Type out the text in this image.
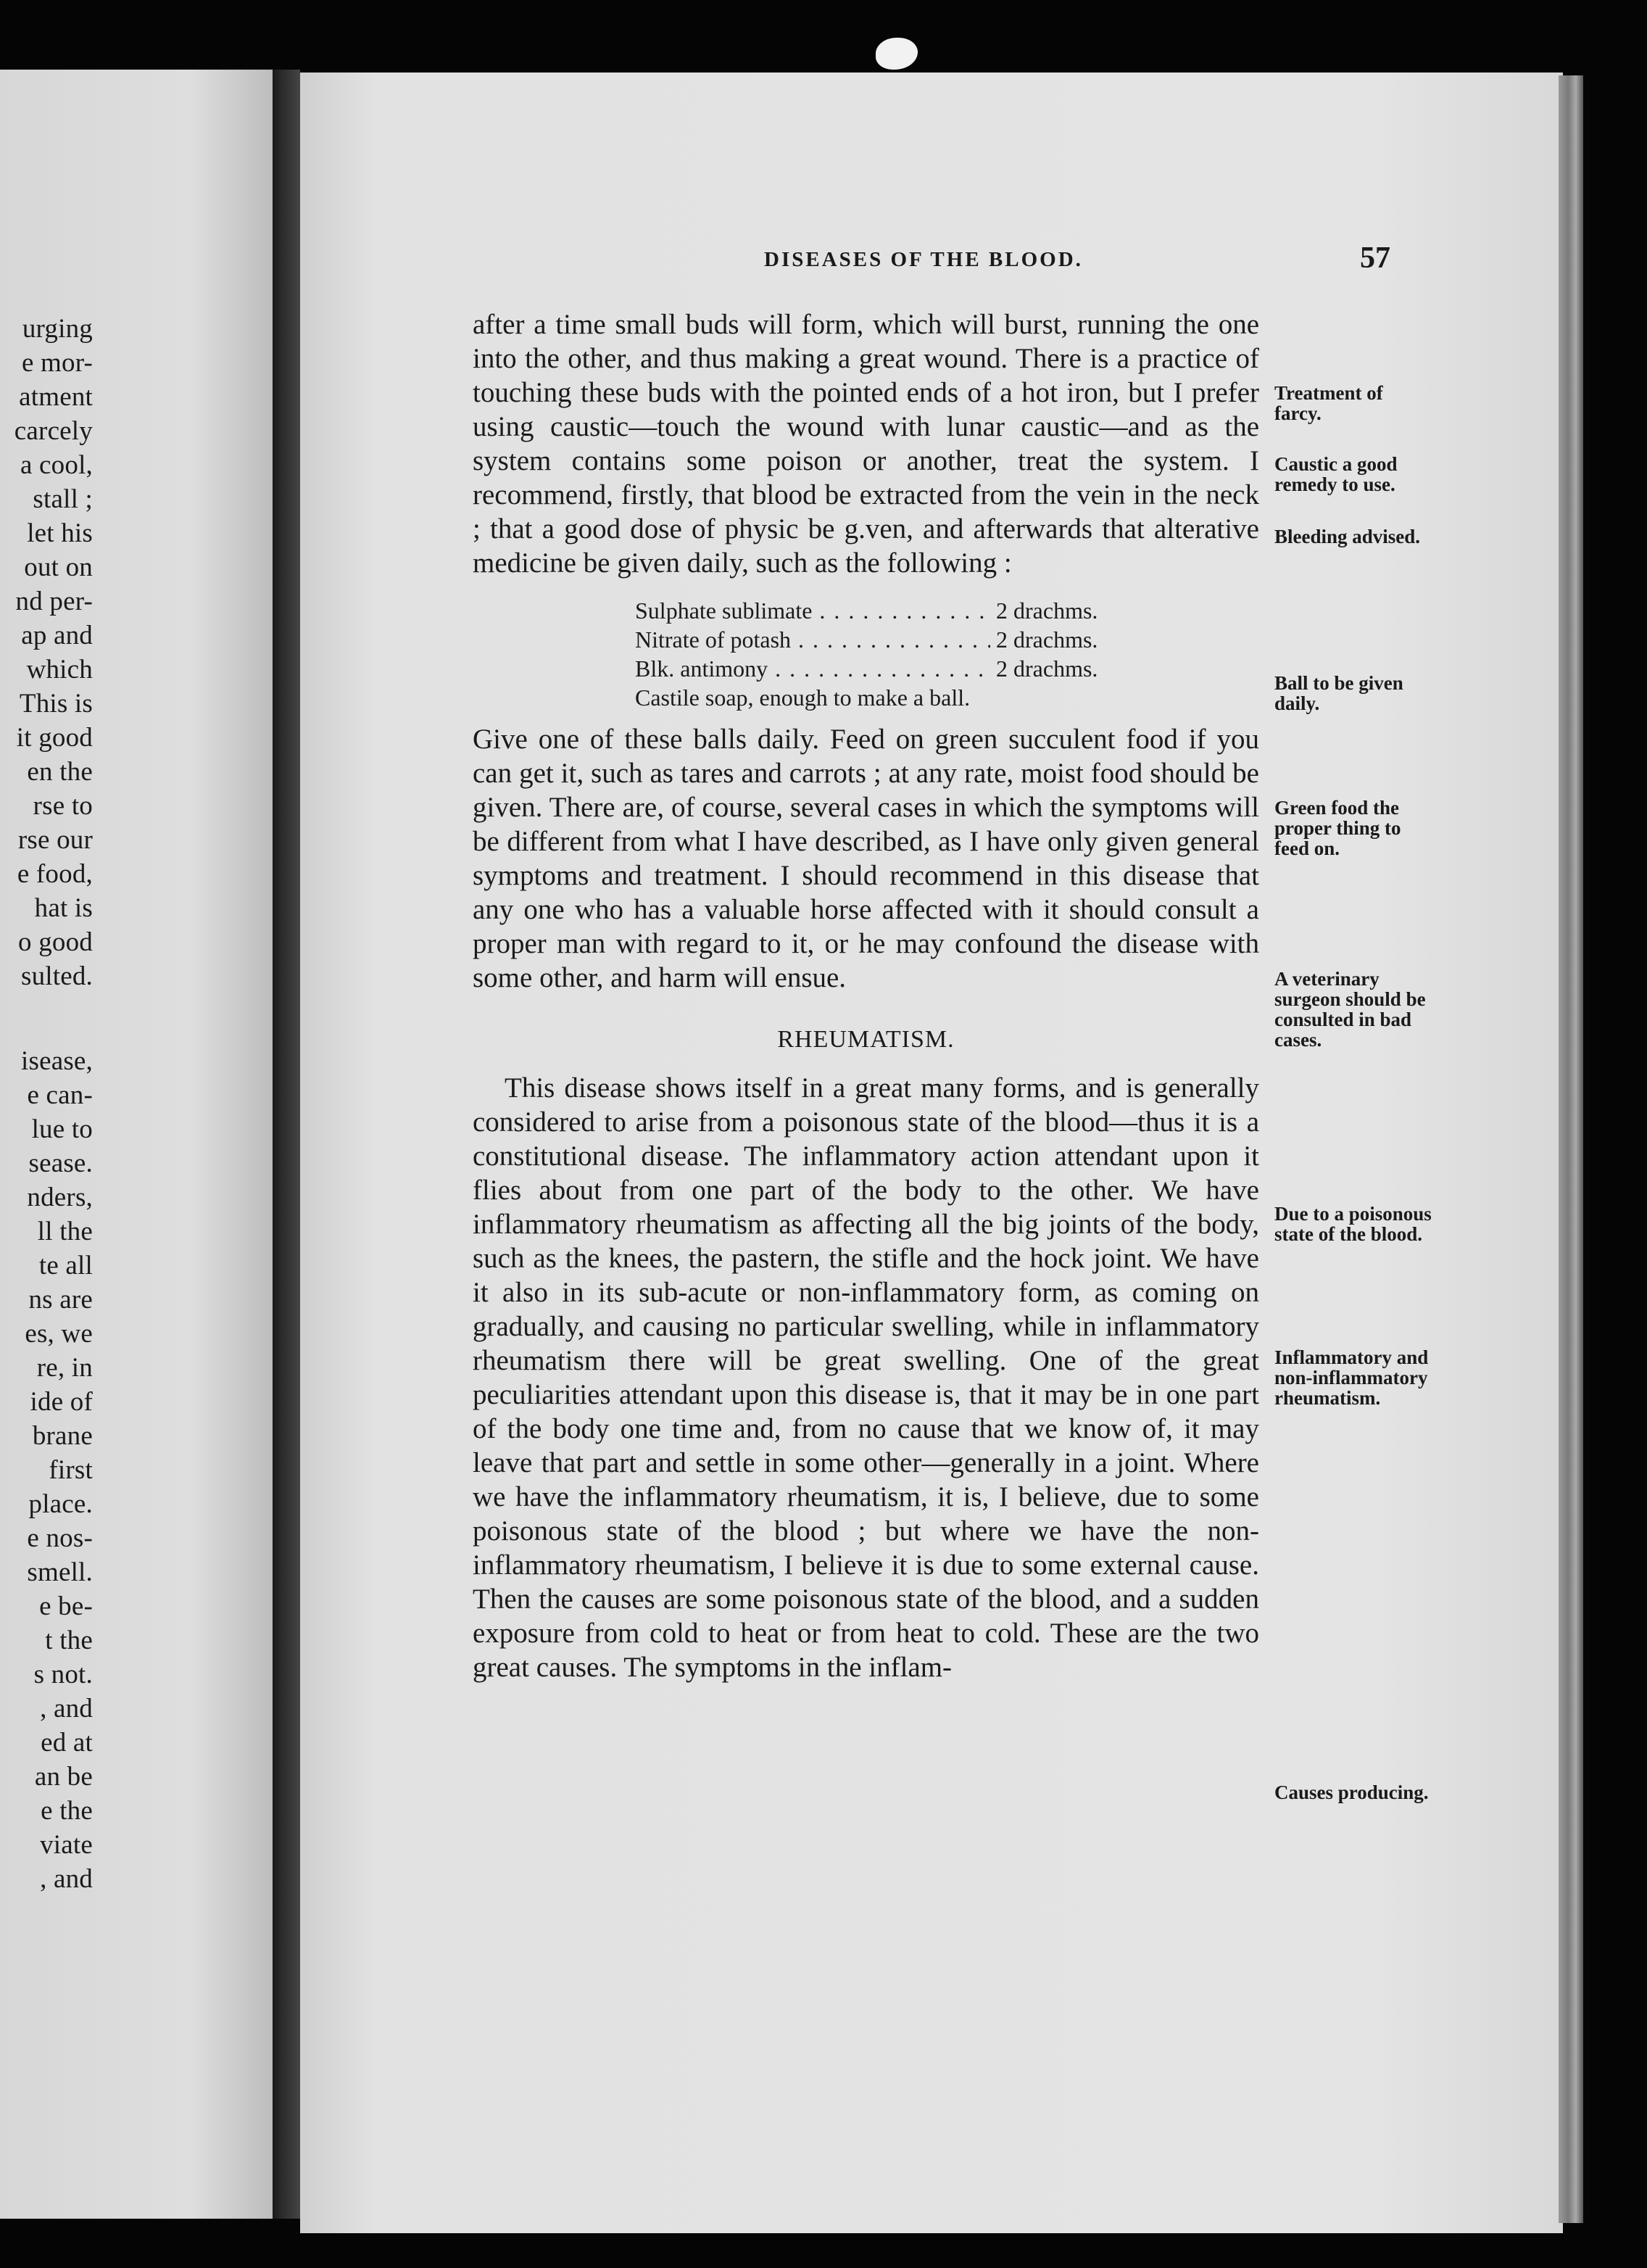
urging
e mor-
atment
carcely
a cool,
stall ;
let his
out on
nd per-
ap and
which
This is
it good
en the
rse to
rse our
e food,
hat is
o good
sulted.
isease,
e can-
lue to
sease.
nders,
ll the
te all
ns are
es, we
re, in
ide of
brane
first
place.
e nos-
smell.
e be-
t the
s not.
, and
ed at
an be
e the
viate
, and
DISEASES OF THE BLOOD.	57

after a time small buds will form, which will burst, running the one into the other, and thus making a great wound. There is a practice of touching these buds with the pointed ends of a hot iron, but I prefer using caustic—touch the wound with lunar caustic—and as the system contains some poison or another, treat the system. I recommend, firstly, that blood be extracted from the vein in the neck ; that a good dose of physic be g.ven, and afterwards that alterative medicine be given daily, such as the following :

Sulphate sublimate . . .	2 drachms.
Nitrate of potash . . .	2 drachms.
Blk. antimony . . .	2 drachms.
Castile soap, enough to make a ball.

Give one of these balls daily. Feed on green succulent food if you can get it, such as tares and carrots ; at any rate, moist food should be given. There are, of course, several cases in which the symptoms will be different from what I have described, as I have only given general symptoms and treatment. I should recommend in this disease that any one who has a valuable horse affected with it should consult a proper man with regard to it, or he may confound the disease with some other, and harm will ensue.

RHEUMATISM.

This disease shows itself in a great many forms, and is generally considered to arise from a poisonous state of the blood—thus it is a constitutional disease. The inflammatory action attendant upon it flies about from one part of the body to the other. We have inflammatory rheumatism as affecting all the big joints of the body, such as the knees, the pastern, the stifle and the hock joint. We have it also in its sub-acute or non-inflammatory form, as coming on gradually, and causing no particular swelling, while in inflammatory rheumatism there will be great swelling. One of the great peculiarities attendant upon this disease is, that it may be in one part of the body one time and, from no cause that we know of, it may leave that part and settle in some other—generally in a joint. Where we have the inflammatory rheumatism, it is, I believe, due to some poisonous state of the blood ; but where we have the non-inflammatory rheumatism, I believe it is due to some external cause. Then the causes are some poisonous state of the blood, and a sudden exposure from cold to heat or from heat to cold. These are the two great causes. The symptoms in the inflam-

Treatment of farcy.
Caustic a good remedy to use.
Bleeding advised.
Ball to be given daily.
Green food the proper thing to feed on.
A veterinary surgeon should be consulted in bad cases.
Due to a poisonous state of the blood.
Inflammatory and non-inflammatory rheumatism.
Causes producing.
